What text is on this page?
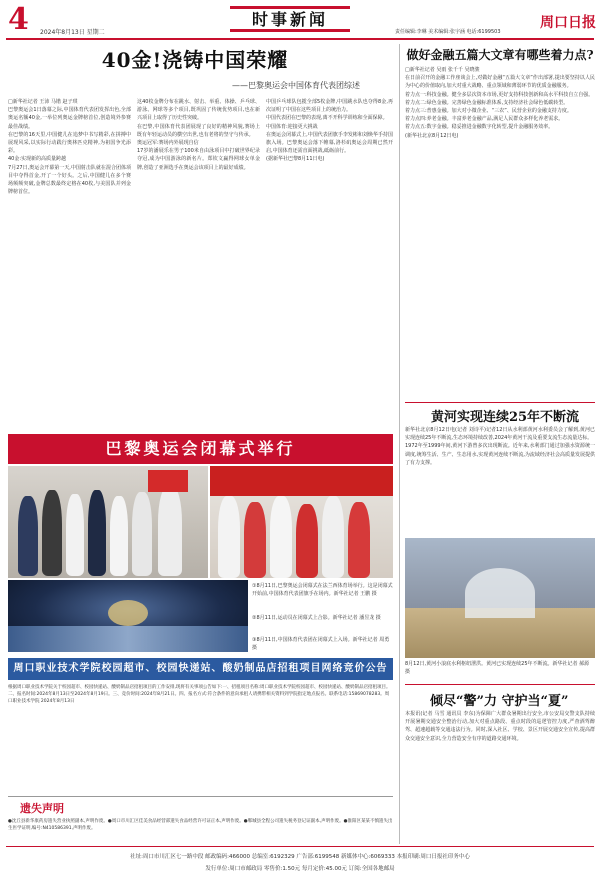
4 2024年8月13日 星期二
时事新闻
责任编辑:李琳 美术编辑:张宇涵 电话:6199503
周口日报
40金!浇铸中国荣耀
——巴黎奥运会中国体育代表团综述
□新华社记者 王沛 马锴 赵子琪
巴黎奥运会1日落幕之际,中国体育代表团发挥出色,全部奥运名额40金,一举位列奥运金牌榜首位,创造境外参赛最佳战绩。
在巴黎的16天里,中国健儿在追梦中书写精彩,在拼搏中展现风采,以实际行动践行奥林匹克精神,为祖国争光添彩。
40金:实现新的高质量跨越
7月27日,奥运会开幕第一天,中国射击队就在混合团体项目中夺得首金,开了一个好头。之后,中国健儿在多个赛场频频突破,金牌总数最终定格在40枚,与美国队并列金牌榜首位。
这40枚金牌分布在跳水、射击、举重、体操、乒乓球、游泳、网球等多个项目,既巩固了传统优势项目,也在新兴项目上取得了历史性突破。
在巴黎,中国体育代表团展现了良好的精神风貌,赛场上既有年轻运动员的横空出世,也有老将的坚守与传承。
奥运冠军:赛场内外展现自信
17岁的潘展乐在男子100米自由泳项目中打破世界纪录夺冠,成为中国游泳的新名片。郑钦文赢得网球女单金牌,创造了亚洲选手在奥运会该项目上的最好成绩。
中国乒乓球队包揽全部5枚金牌,中国跳水队也夺得8金,再次证明了中国在这些项目上的统治力。
中国代表团在巴黎的表现,离不开科学训练和全面保障。
中国体育:迎接更大挑战
在奥运会闭幕式上,中国代表团旗手李发彬和刘焕华手持国旗入场。巴黎奥运会落下帷幕,洛杉矶奥运会周期已然开启,中国体育还需直面挑战,砥砺前行。
(据新华社巴黎8月11日电)
巴黎奥运会闭幕式举行
①8月11日,巴黎奥运会闭幕式在法兰西体育场举行。这是闭幕式开始前,中国体育代表团旗手在场内。新华社记者 王鹏 摄
②8月11日,运动员在闭幕式上合影。新华社记者 潘昱龙 摄
③8月11日,中国体育代表团在闭幕式上入场。新华社记者 周勇 摄
周口职业技术学院校园超市、校园快递站、酸奶制品店招租项目网络竞价公告
根据周口职业技术学院关于校园超市、校园快递站、酸奶制品店招租项目的工作安排,现将有关事项公告如下:一、招租项目名称:周口职业技术学院校园超市、校园快递站、酸奶制品店招租项目。二、报名时间:2024年8月13日至2024年8月19日。三、竞价时间:2024年8月21日。四、报名方式:符合条件的意向承租人请携带相关资料到学院指定地点报名。联系电话:15869078283。周口职业技术学院 2024年8月13日
遗失声明
●沈丘县新华康药房遗失营业执照副本,声明作废。●周口市川汇区佳美食品经营部遗失食品经营许可证正本,声明作废。●郸城县全程公司遗失税务登记证副本,声明作废。●淮阳区某某不慎遗失出生医学证明,编号:N410586391,声明作废。
做好金融五篇大文章有哪些着力点?
□新华社记者 吴雨 张千千 吴晓骏
在日前召开的金融工作座谈会上,对做好金融“五篇大文章”作出部署,提出要坚持以人民为中心的价值取向,加大对重大战略、重点领域和薄弱环节的优质金融服务。
着力点一:科技金融。健全多层次资本市场,更好支持科技创新和高水平科技自立自强。
着力点二:绿色金融。完善绿色金融标准体系,支持经济社会绿色低碳转型。
着力点三:普惠金融。加大对小微企业、“三农”、民营企业的金融支持力度。
着力点四:养老金融。丰富养老金融产品,满足人民群众多样化养老需求。
着力点五:数字金融。稳妥推进金融数字化转型,提升金融服务效率。
(新华社北京8月12日电)
黄河实现连续25年不断流
新华社北京8月12日电(记者 刘诗平)记者12日从水利部黄河水利委员会了解到,黄河已实现连续25年不断流,生态环境持续改善,2024年黄河干流及重要支流生态流量达标。
1972年至1999年间,黄河下游曾多次出现断流。近年来,水利部门通过加强水资源统一调度,统筹生活、生产、生态用水,实现黄河连续不断流,为流域经济社会高质量发展提供了有力支撑。
8月12日,黄河小浪底水利枢纽泄洪。黄河已实现连续25年不断流。新华社记者 郝源 摄
倾尽“警”力 守护当“夏”
本报讯(记者 马雪 通讯员 李东)为保障广大群众暑期出行安全,市公安局交警支队持续开展暑期交通安全整治行动,加大对重点路段、重点时段的巡逻管控力度,严查酒驾醉驾、超速超载等交通违法行为。同时,深入社区、学校、景区开展交通安全宣传,提高群众交通安全意识,全力营造安全有序的道路交通环境。
社址:周口市川汇区七一路中段 邮政编码:466000 总编室:6192329 广告部:6199548 新媒体中心:6069333 本报印刷:周口日报社印务中心
发行单位:周口市邮政局 零售价:1.50元 每月定价:45.00元 订阅:全国各地邮局
